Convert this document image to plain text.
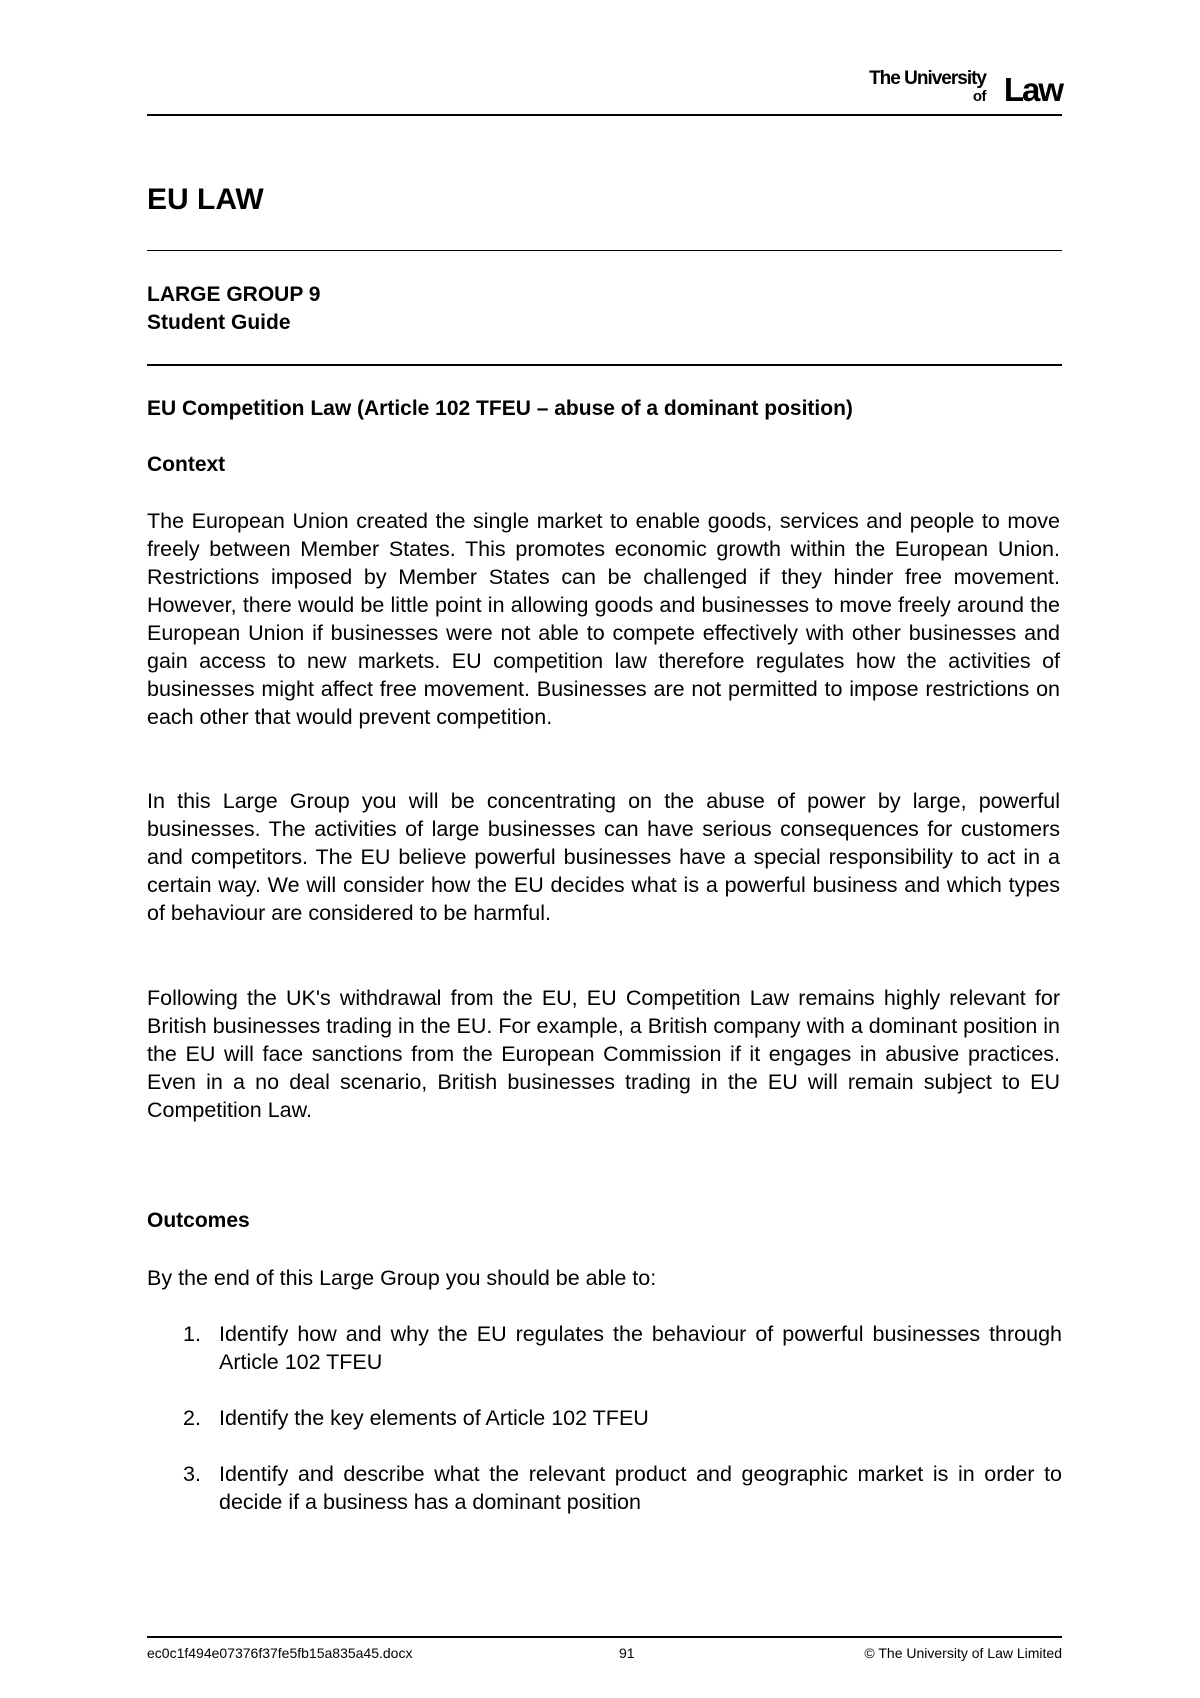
The University
of Law
EU LAW
LARGE GROUP 9
Student Guide
EU Competition Law (Article 102 TFEU – abuse of a dominant position)
Context

The European Union created the single market to enable goods, services and people to move freely between Member States. This promotes economic growth within the European Union. Restrictions imposed by Member States can be challenged if they hinder free movement. However, there would be little point in allowing goods and businesses to move freely around the European Union if businesses were not able to compete effectively with other businesses and gain access to new markets. EU competition law therefore regulates how the activities of businesses might affect free movement. Businesses are not permitted to impose restrictions on each other that would prevent competition.

In this Large Group you will be concentrating on the abuse of power by large, powerful businesses. The activities of large businesses can have serious consequences for customers and competitors. The EU believe powerful businesses have a special responsibility to act in a certain way. We will consider how the EU decides what is a powerful business and which types of behaviour are considered to be harmful.

Following the UK's withdrawal from the EU, EU Competition Law remains highly relevant for British businesses trading in the EU. For example, a British company with a dominant position in the EU will face sanctions from the European Commission if it engages in abusive practices. Even in a no deal scenario, British businesses trading in the EU will remain subject to EU Competition Law.

Outcomes

By the end of this Large Group you should be able to:

1. Identify how and why the EU regulates the behaviour of powerful businesses through Article 102 TFEU
2. Identify the key elements of Article 102 TFEU
3. Identify and describe what the relevant product and geographic market is in order to decide if a business has a dominant position
ec0c1f494e07376f37fe5fb15a835a45.docx	91	© The University of Law Limited
